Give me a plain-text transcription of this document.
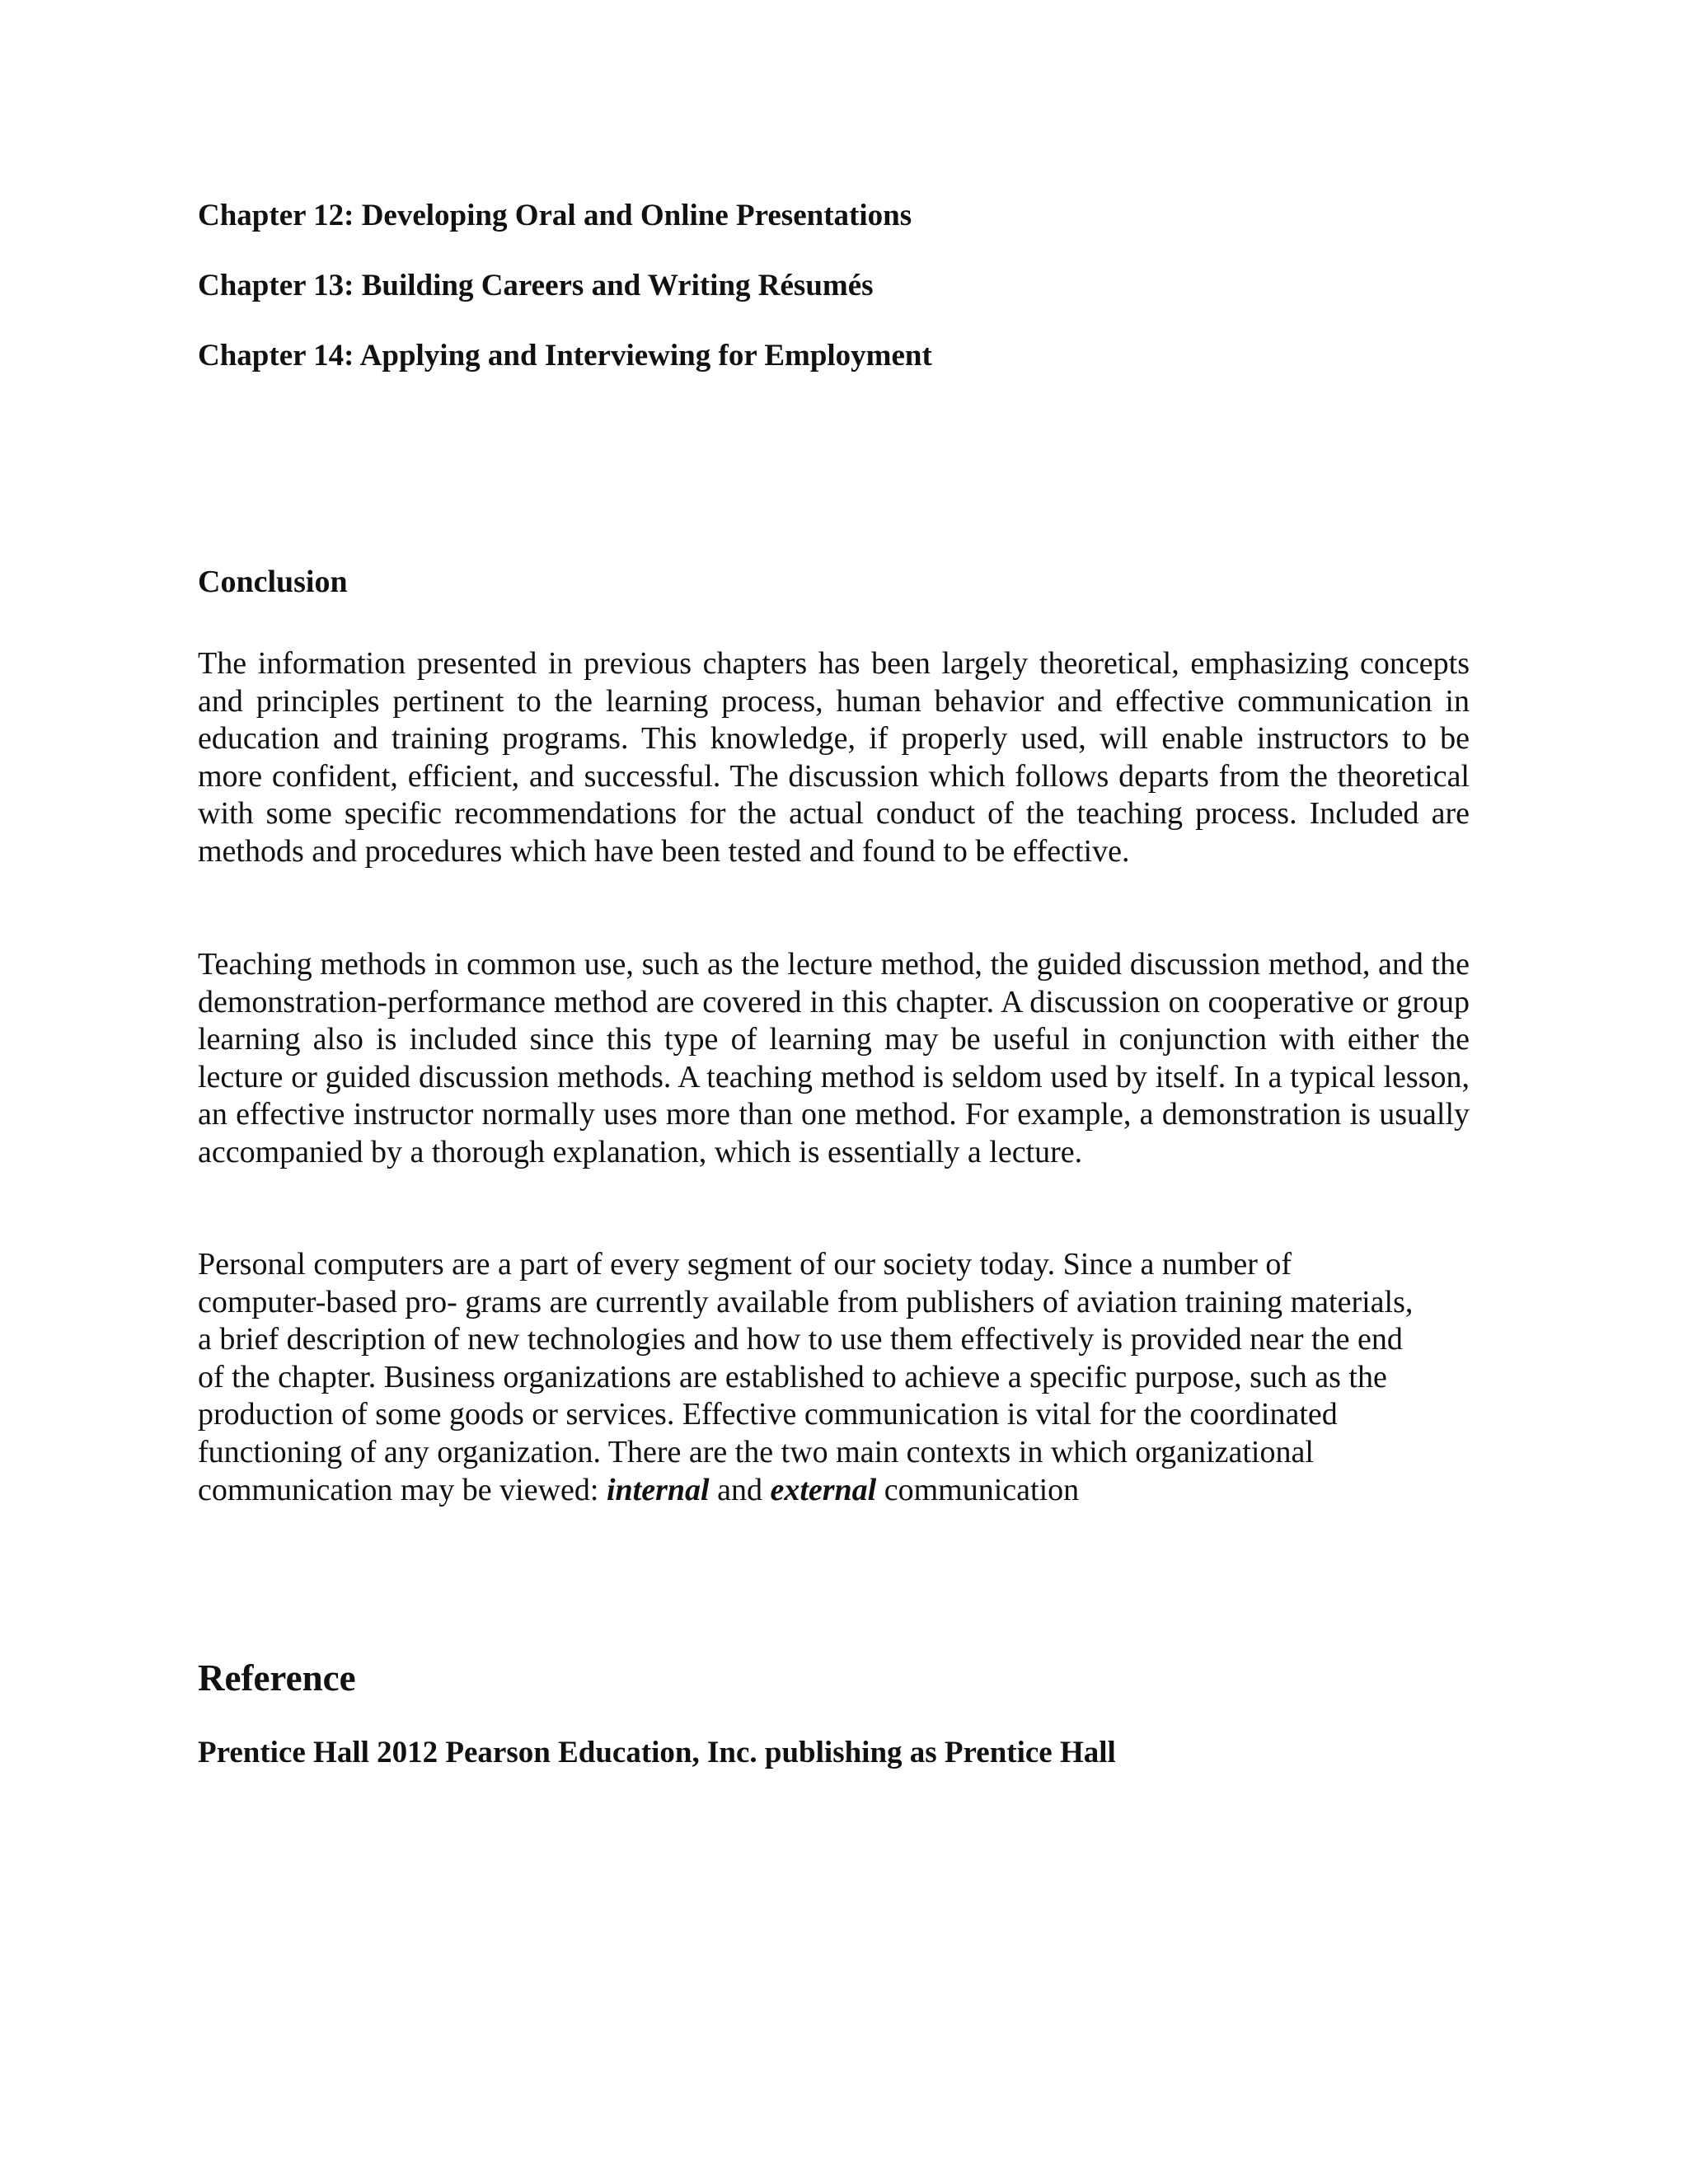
Chapter 12: Developing Oral and Online Presentations

Chapter 13: Building Careers and Writing Résumés

Chapter 14: Applying and Interviewing for Employment

Conclusion

The information presented in previous chapters has been largely theoretical, emphasizing concepts and principles pertinent to the learning process, human behavior and effective communication in education and training programs. This knowledge, if properly used, will enable instructors to be more confident, efficient, and successful. The discussion which follows departs from the theoretical with some specific recommendations for the actual conduct of the teaching process. Included are methods and procedures which have been tested and found to be effective.

Teaching methods in common use, such as the lecture method, the guided discussion method, and the demonstration-performance method are covered in this chapter. A discussion on cooperative or group learning also is included since this type of learning may be useful in conjunction with either the lecture or guided discussion methods. A teaching method is seldom used by itself. In a typical lesson, an effective instructor normally uses more than one method. For example, a demonstration is usually accompanied by a thorough explanation, which is essentially a lecture.

Personal computers are a part of every segment of our society today. Since a number of
computer-based pro- grams are currently available from publishers of aviation training materials,
a brief description of new technologies and how to use them effectively is provided near the end
of the chapter. Business organizations are established to achieve a specific purpose, such as the
production of some goods or services. Effective communication is vital for the coordinated
functioning of any organization. There are the two main contexts in which organizational
communication may be viewed: internal and external communication

Reference

Prentice Hall 2012 Pearson Education, Inc. publishing as Prentice Hall
